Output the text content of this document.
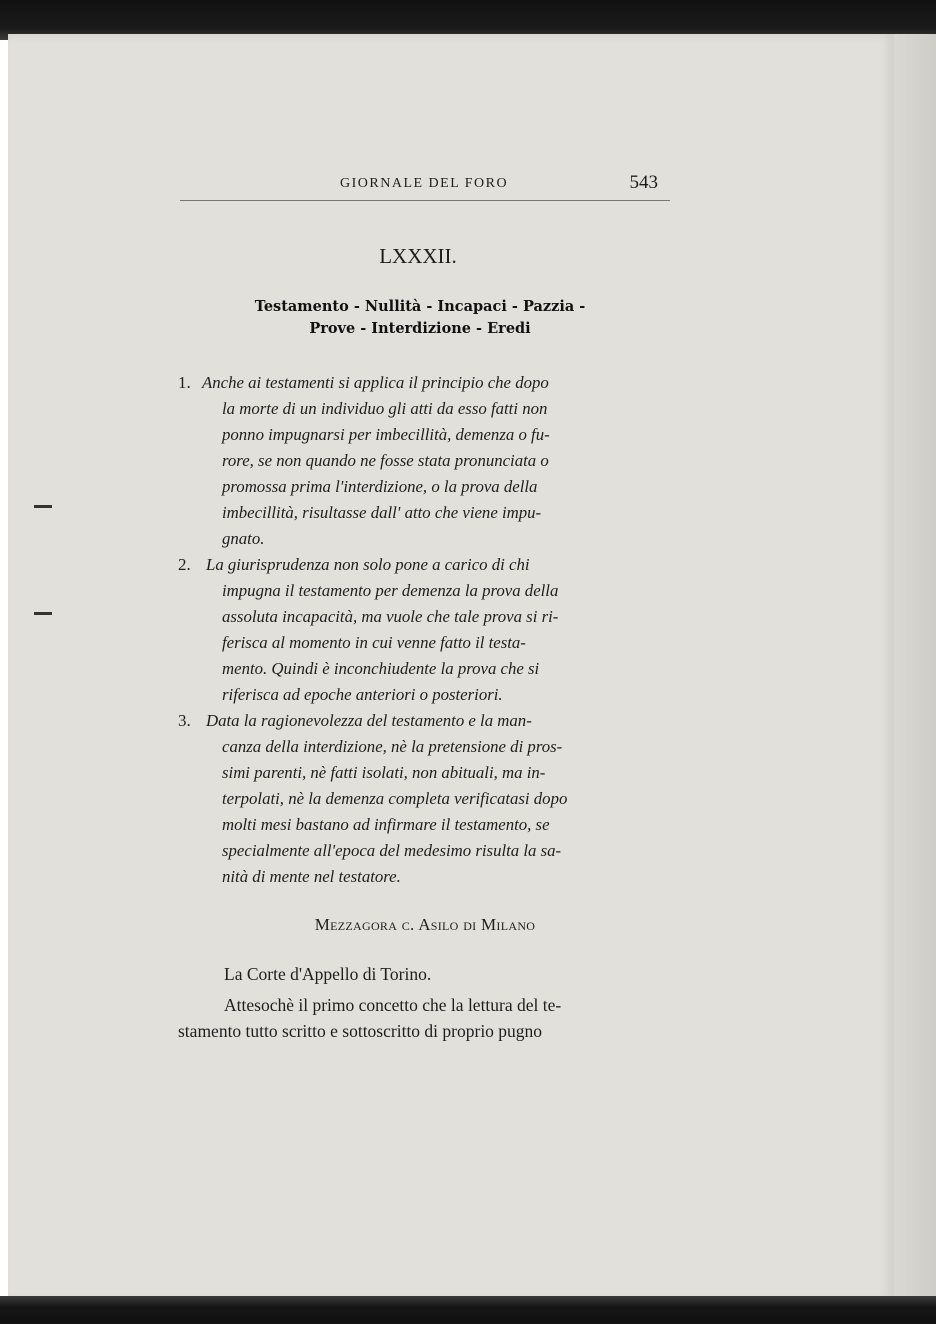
GIORNALE DEL FORO	543
LXXXII.
Testamento - Nullità - Incapaci - Pazzia -
Prove - Interdizione - Eredi
1. Anche ai testamenti si applica il principio che dopo
la morte di un individuo gli atti da esso fatti non
ponno impugnarsi per imbecillità, demenza o fu-
rore, se non quando ne fosse stata pronunciata o
promossa prima l'interdizione, o la prova della
imbecillità, risultasse dall' atto che viene impu-
gnato.
2. La giurisprudenza non solo pone a carico di chi
impugna il testamento per demenza la prova della
assoluta incapacità, ma vuole che tale prova si ri-
ferisca al momento in cui venne fatto il testa-
mento. Quindi è inconchiudente la prova che si
riferisca ad epoche anteriori o posteriori.
3. Data la ragionevolezza del testamento e la man-
canza della interdizione, nè la pretensione di pros-
simi parenti, nè fatti isolati, non abituali, ma in-
terpolati, nè la demenza completa verificatasi dopo
molti mesi bastano ad infirmare il testamento, se
specialmente all'epoca del medesimo risulta la sa-
nità di mente nel testatore.
Mezzagora c. Asilo di Milano
La Corte d'Appello di Torino.
Attesochè il primo concetto che la lettura del te-
stamento tutto scritto e sottoscritto di proprio pugno
